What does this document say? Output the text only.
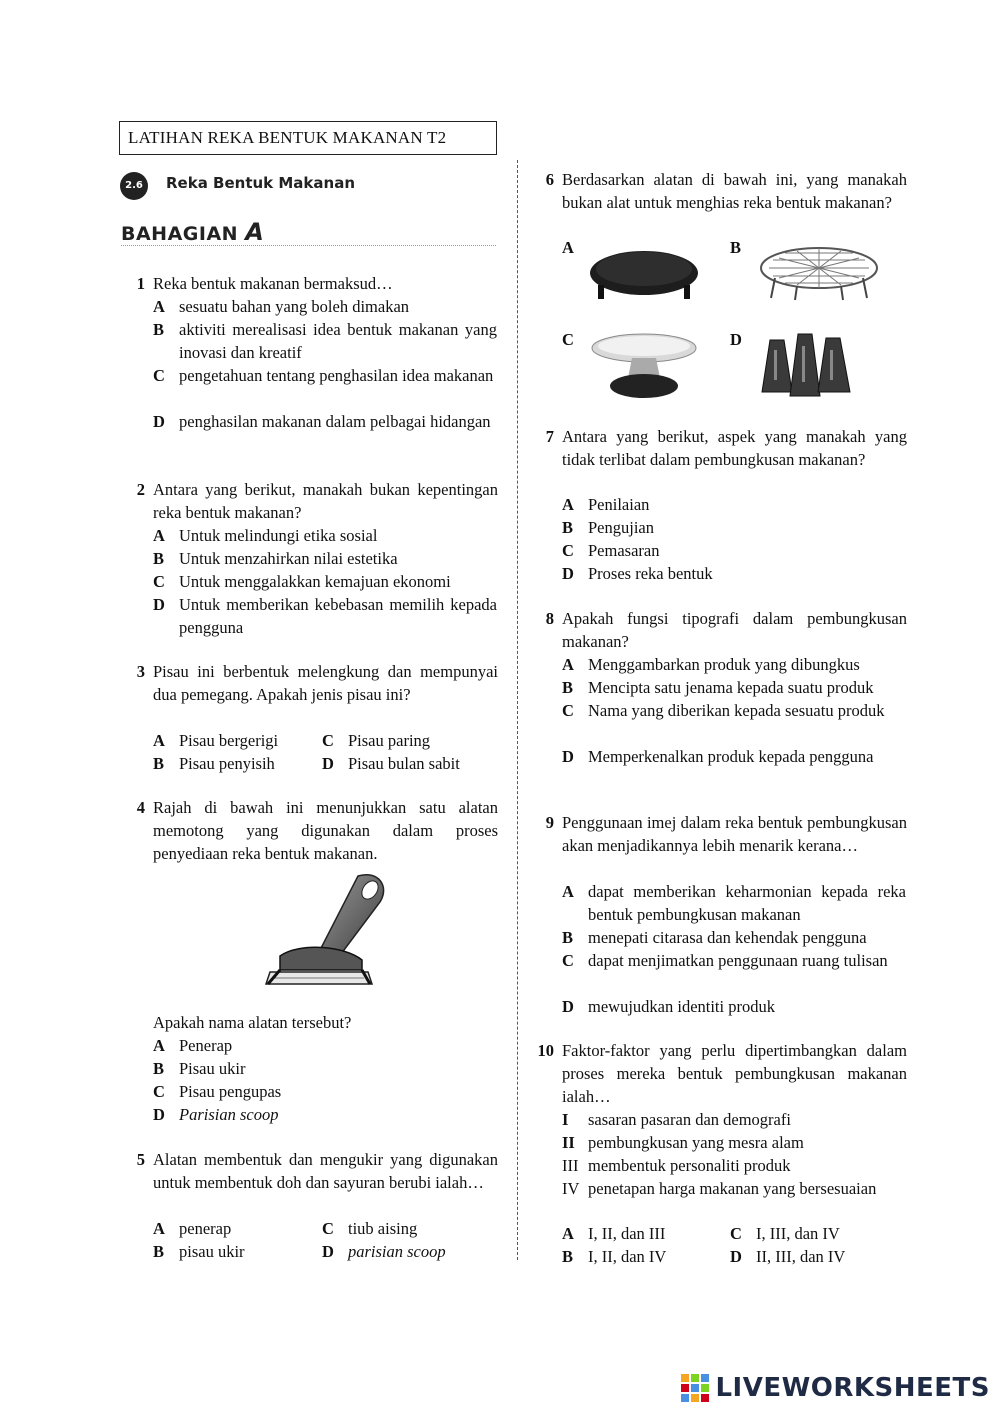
LATIHAN REKA BENTUK MAKANAN T2
2.6	Reka Bentuk Makanan
BAHAGIAN A
1 Reka bentuk makanan bermaksud…
A sesuatu bahan yang boleh dimakan
B aktiviti merealisasi idea bentuk makanan yang inovasi dan kreatif
C pengetahuan tentang penghasilan idea makanan
D penghasilan makanan dalam pelbagai hidangan
2 Antara yang berikut, manakah bukan kepentingan reka bentuk makanan?
A Untuk melindungi etika sosial
B Untuk menzahirkan nilai estetika
C Untuk menggalakkan kemajuan ekonomi
D Untuk memberikan kebebasan memilih kepada pengguna
3 Pisau ini berbentuk melengkung dan mempunyai dua pemegang. Apakah jenis pisau ini?
A Pisau bergerigi	C Pisau paring
B Pisau penyisih	D Pisau bulan sabit
4 Rajah di bawah ini menunjukkan satu alatan memotong yang digunakan dalam proses penyediaan reka bentuk makanan.
Apakah nama alatan tersebut?
A Penerap
B Pisau ukir
C Pisau pengupas
D Parisian scoop
5 Alatan membentuk dan mengukir yang digunakan untuk membentuk doh dan sayuran berubi ialah…
A penerap	C tiub aising
B pisau ukir	D parisian scoop
6 Berdasarkan alatan di bawah ini, yang manakah bukan alat untuk menghias reka bentuk makanan?
A	B
C	D
7 Antara yang berikut, aspek yang manakah yang tidak terlibat dalam pembungkusan makanan?
A Penilaian
B Pengujian
C Pemasaran
D Proses reka bentuk
8 Apakah fungsi tipografi dalam pembungkusan makanan?
A Menggambarkan produk yang dibungkus
B Mencipta satu jenama kepada suatu produk
C Nama yang diberikan kepada sesuatu produk
D Memperkenalkan produk kepada pengguna
9 Penggunaan imej dalam reka bentuk pembungkusan akan menjadikannya lebih menarik kerana…
A dapat memberikan keharmonian kepada reka bentuk pembungkusan makanan
B menepati citarasa dan kehendak pengguna
C dapat menjimatkan penggunaan ruang tulisan
D mewujudkan identiti produk
10 Faktor-faktor yang perlu dipertimbangkan dalam proses mereka bentuk pembungkusan makanan ialah…
I sasaran pasaran dan demografi
II pembungkusan yang mesra alam
III membentuk personaliti produk
IV penetapan harga makanan yang bersesuaian
A I, II, dan III	C I, III, dan IV
B I, II, dan IV	D II, III, dan IV
LIVEWORKSHEETS
